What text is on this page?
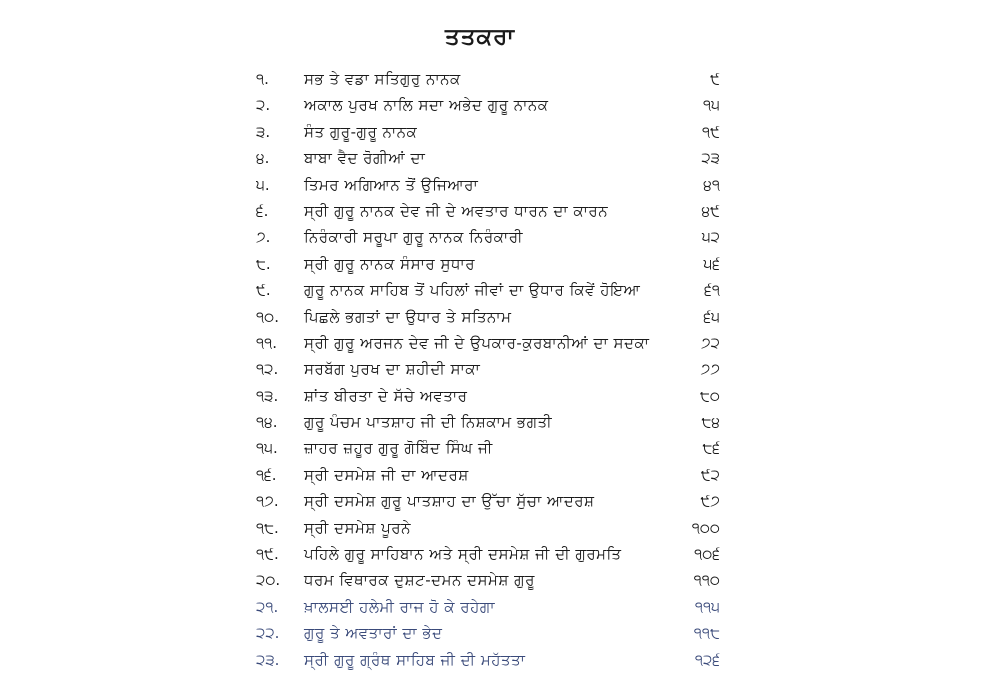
ਤਤਕਰਾ
੧.	ਸਭ ਤੇ ਵਡਾ ਸਤਿਗੁਰੁ ਨਾਨਕ	੯
੨.	ਅਕਾਲ ਪੁਰਖ ਨਾਲਿ ਸਦਾ ਅਭੇਦ ਗੁਰੂ ਨਾਨਕ	੧੫
੩.	ਸੰਤ ਗੁਰੂ-ਗੁਰੂ ਨਾਨਕ	੧੯
੪.	ਬਾਬਾ ਵੈਦ ਰੋਗੀਆਂ ਦਾ	੨੩
੫.	ਤਿਮਰ ਅਗਿਆਨ ਤੋਂ ਉਜਿਆਰਾ	੪੧
੬.	ਸ੍ਰੀ ਗੁਰੂ ਨਾਨਕ ਦੇਵ ਜੀ ਦੇ ਅਵਤਾਰ ਧਾਰਨ ਦਾ ਕਾਰਨ	੪੯
੭.	ਨਿਰੰਕਾਰੀ ਸਰੂਪਾ ਗੁਰੂ ਨਾਨਕ ਨਿਰੰਕਾਰੀ	੫੨
੮.	ਸ੍ਰੀ ਗੁਰੂ ਨਾਨਕ ਸੰਸਾਰ ਸੁਧਾਰ	੫੬
੯.	ਗੁਰੂ ਨਾਨਕ ਸਾਹਿਬ ਤੋਂ ਪਹਿਲਾਂ ਜੀਵਾਂ ਦਾ ਉਧਾਰ ਕਿਵੇਂ ਹੋਇਆ	੬੧
੧੦.	ਪਿਛਲੇ ਭਗਤਾਂ ਦਾ ਉਧਾਰ ਤੇ ਸਤਿਨਾਮ	੬੫
੧੧.	ਸ੍ਰੀ ਗੁਰੂ ਅਰਜਨ ਦੇਵ ਜੀ ਦੇ ਉਪਕਾਰ-ਕੁਰਬਾਨੀਆਂ ਦਾ ਸਦਕਾ	੭੨
੧੨.	ਸਰਬੱਗ ਪੁਰਖ ਦਾ ਸ਼ਹੀਦੀ ਸਾਕਾ	੭੭
੧੩.	ਸ਼ਾਂਤ ਬੀਰਤਾ ਦੇ ਸੱਚੇ ਅਵਤਾਰ	੮੦
੧੪.	ਗੁਰੂ ਪੰਚਮ ਪਾਤਸ਼ਾਹ ਜੀ ਦੀ ਨਿਸ਼ਕਾਮ ਭਗਤੀ	੮੪
੧੫.	ਜ਼ਾਹਰ ਜ਼ਹੂਰ ਗੁਰੂ ਗੋਬਿੰਦ ਸਿੰਘ ਜੀ	੮੬
੧੬.	ਸ੍ਰੀ ਦਸਮੇਸ਼ ਜੀ ਦਾ ਆਦਰਸ਼	੯੨
੧੭.	ਸ੍ਰੀ ਦਸਮੇਸ਼ ਗੁਰੂ ਪਾਤਸ਼ਾਹ ਦਾ ਉੱਚਾ ਸੁੱਚਾ ਆਦਰਸ਼	੯੭
੧੮.	ਸ੍ਰੀ ਦਸਮੇਸ਼ ਪੂਰਨੇ	੧੦੦
੧੯.	ਪਹਿਲੇ ਗੁਰੂ ਸਾਹਿਬਾਨ ਅਤੇ ਸ੍ਰੀ ਦਸਮੇਸ਼ ਜੀ ਦੀ ਗੁਰਮਤਿ	੧੦੬
੨੦.	ਧਰਮ ਵਿਥਾਰਕ ਦੁਸ਼ਟ-ਦਮਨ ਦਸਮੇਸ਼ ਗੁਰੂ	੧੧੦
੨੧.	ਖ਼ਾਲਸਈ ਹਲੇਮੀ ਰਾਜ ਹੋ ਕੇ ਰਹੇਗਾ	੧੧੫
੨੨.	ਗੁਰੂ ਤੇ ਅਵਤਾਰਾਂ ਦਾ ਭੇਦ	੧੧੮
੨੩.	ਸ੍ਰੀ ਗੁਰੂ ਗ੍ਰੰਥ ਸਾਹਿਬ ਜੀ ਦੀ ਮਹੱਤਤਾ	੧੨੬
